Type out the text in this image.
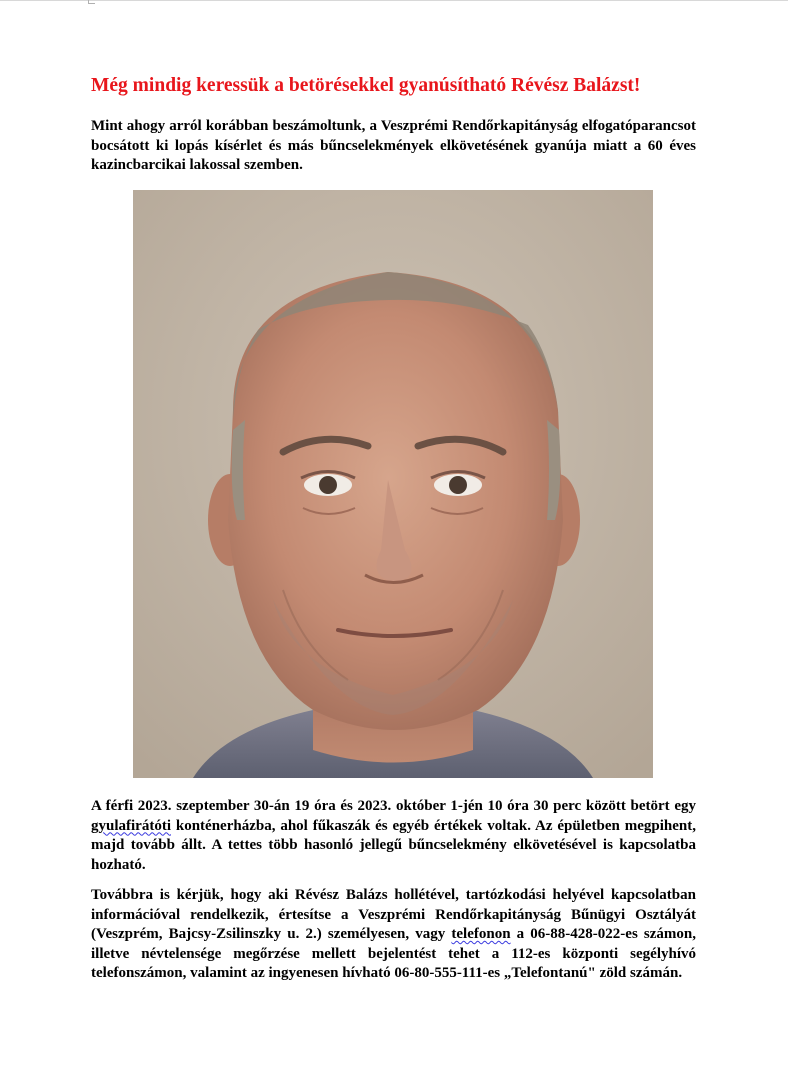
Még mindig keressük a betörésekkel gyanúsítható Révész Balázst!

Mint ahogy arról korábban beszámoltunk, a Veszprémi Rendőrkapitányság elfogatóparancsot bocsátott ki lopás kísérlet és más bűncselekmények elkövetésének gyanúja miatt a 60 éves kazincbarcikai lakossal szemben.

A férfi 2023. szeptember 30-án 19 óra és 2023. október 1-jén 10 óra 30 perc között betört egy gyulafirátóti konténerházba, ahol fűkaszák és egyéb értékek voltak. Az épületben megpihent, majd tovább állt. A tettes több hasonló jellegű bűncselekmény elkövetésével is kapcsolatba hozható.

Továbbra is kérjük, hogy aki Révész Balázs hollétével, tartózkodási helyével kapcsolatban információval rendelkezik, értesítse a Veszprémi Rendőrkapitányság Bűnügyi Osztályát (Veszprém, Bajcsy-Zsilinszky u. 2.) személyesen, vagy telefonon a 06-88-428-022-es számon, illetve névtelensége megőrzése mellett bejelentést tehet a 112-es központi segélyhívó telefonszámon, valamint az ingyenesen hívható 06-80-555-111-es „Telefontanú" zöld számán.
